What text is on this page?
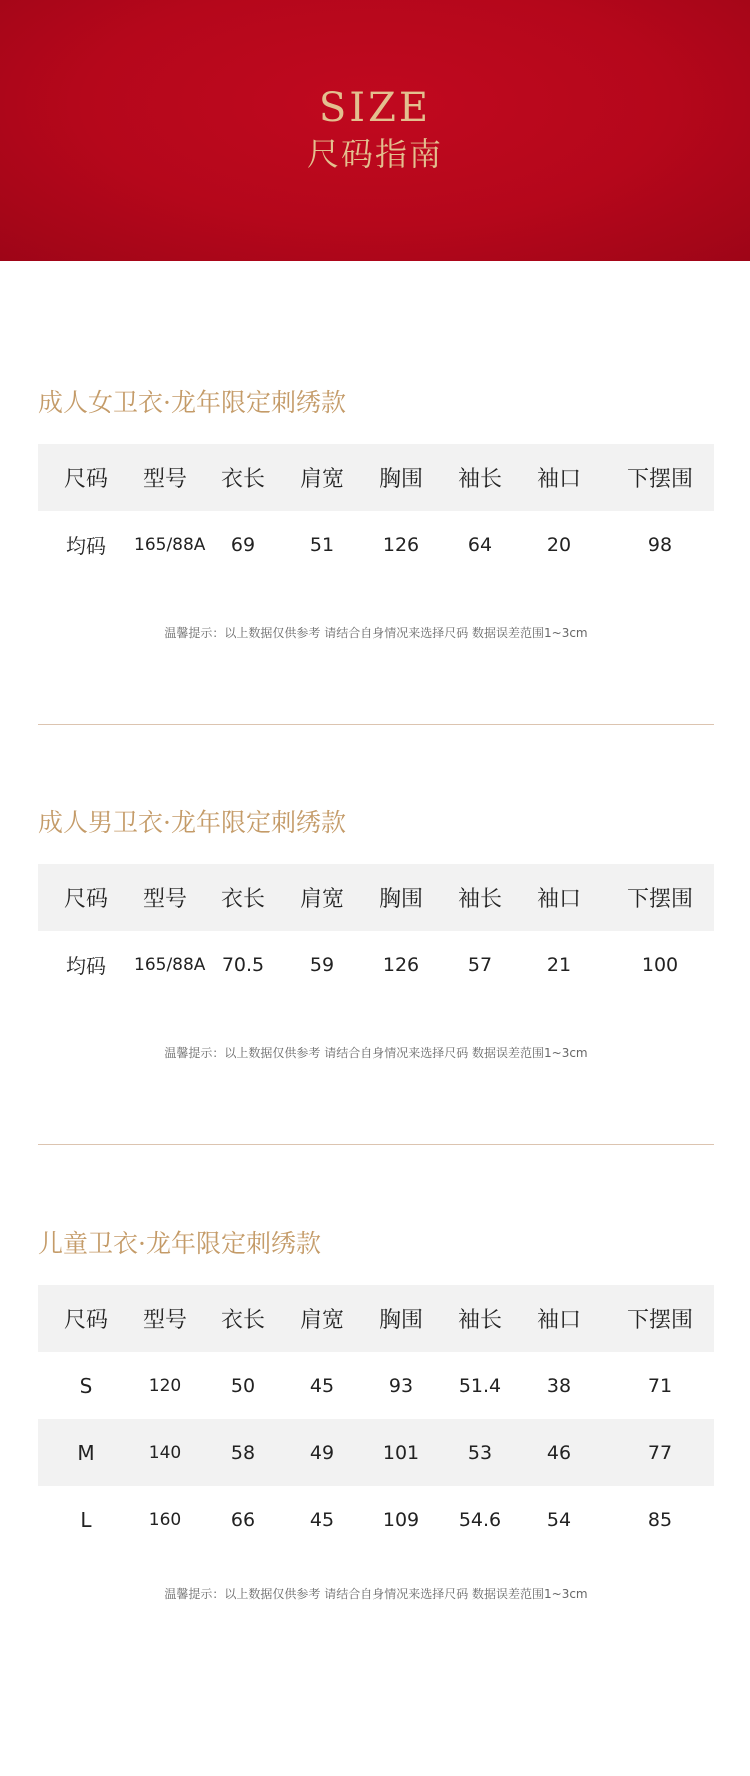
SIZE
尺码指南
成人女卫衣·龙年限定刺绣款
尺码	型号	衣长	肩宽	胸围	袖长	袖口	下摆围
均码	165/88A	69	51	126	64	20	98
温馨提示：以上数据仅供参考 请结合自身情况来选择尺码 数据误差范围1~3cm
成人男卫衣·龙年限定刺绣款
尺码	型号	衣长	肩宽	胸围	袖长	袖口	下摆围
均码	165/88A	70.5	59	126	57	21	100
温馨提示：以上数据仅供参考 请结合自身情况来选择尺码 数据误差范围1~3cm
儿童卫衣·龙年限定刺绣款
尺码	型号	衣长	肩宽	胸围	袖长	袖口	下摆围
S	120	50	45	93	51.4	38	71
M	140	58	49	101	53	46	77
L	160	66	45	109	54.6	54	85
温馨提示：以上数据仅供参考 请结合自身情况来选择尺码 数据误差范围1~3cm
